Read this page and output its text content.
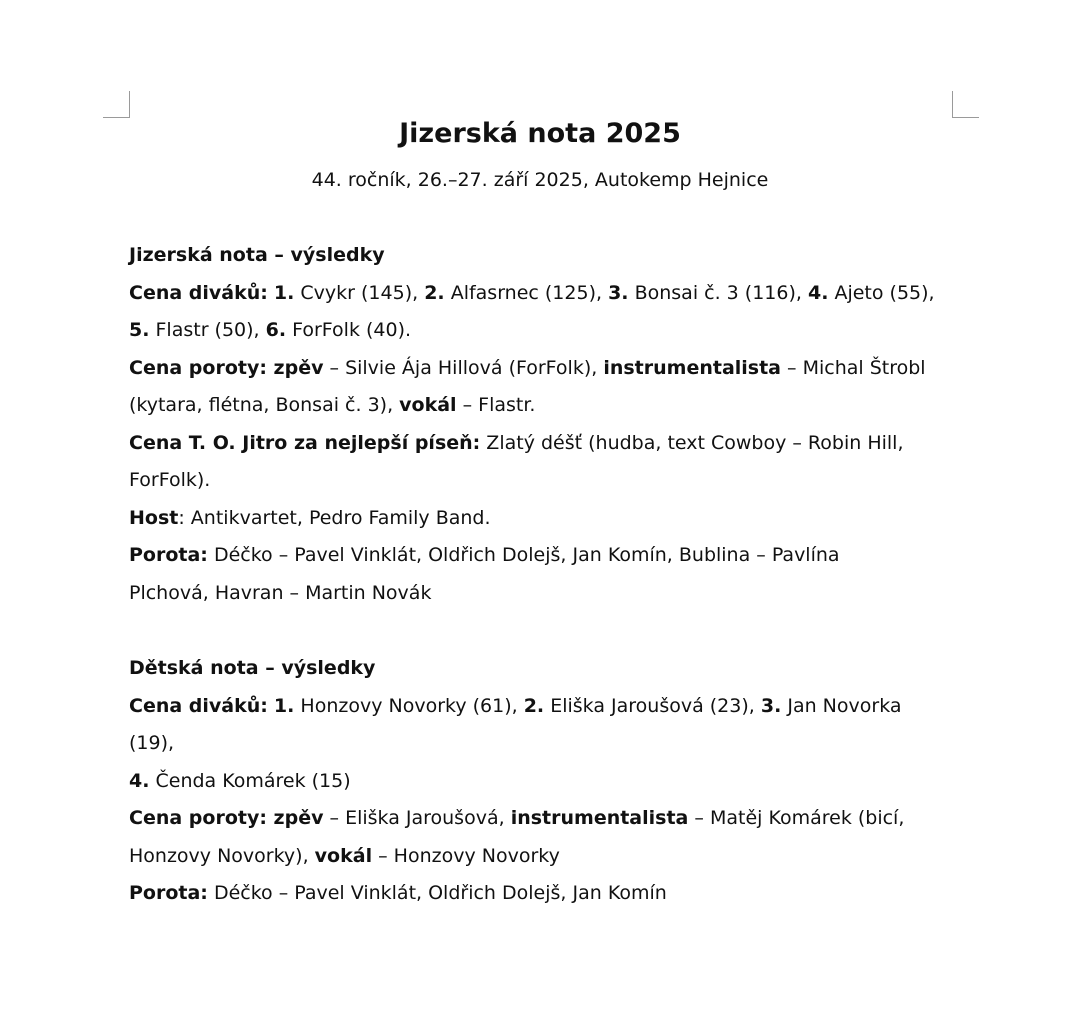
Jizerská nota 2025
44. ročník, 26.–27. září 2025, Autokemp Hejnice
Jizerská nota – výsledky
Cena diváků: 1. Cvykr (145), 2. Alfasrnec (125), 3. Bonsai č. 3 (116), 4. Ajeto (55),
5. Flastr (50), 6. ForFolk (40).
Cena poroty: zpěv – Silvie Ája Hillová (ForFolk), instrumentalista – Michal Štrobl
(kytara, flétna, Bonsai č. 3), vokál – Flastr.
Cena T. O. Jitro za nejlepší píseň: Zlatý déšť (hudba, text Cowboy – Robin Hill,
ForFolk).
Host: Antikvartet, Pedro Family Band.
Porota: Déčko – Pavel Vinklát, Oldřich Dolejš, Jan Komín, Bublina – Pavlína
Plchová, Havran – Martin Novák
Dětská nota – výsledky
Cena diváků: 1. Honzovy Novorky (61), 2. Eliška Jaroušová (23), 3. Jan Novorka
(19),
4. Čenda Komárek (15)
Cena poroty: zpěv – Eliška Jaroušová, instrumentalista – Matěj Komárek (bicí,
Honzovy Novorky), vokál – Honzovy Novorky
Porota: Déčko – Pavel Vinklát, Oldřich Dolejš, Jan Komín
